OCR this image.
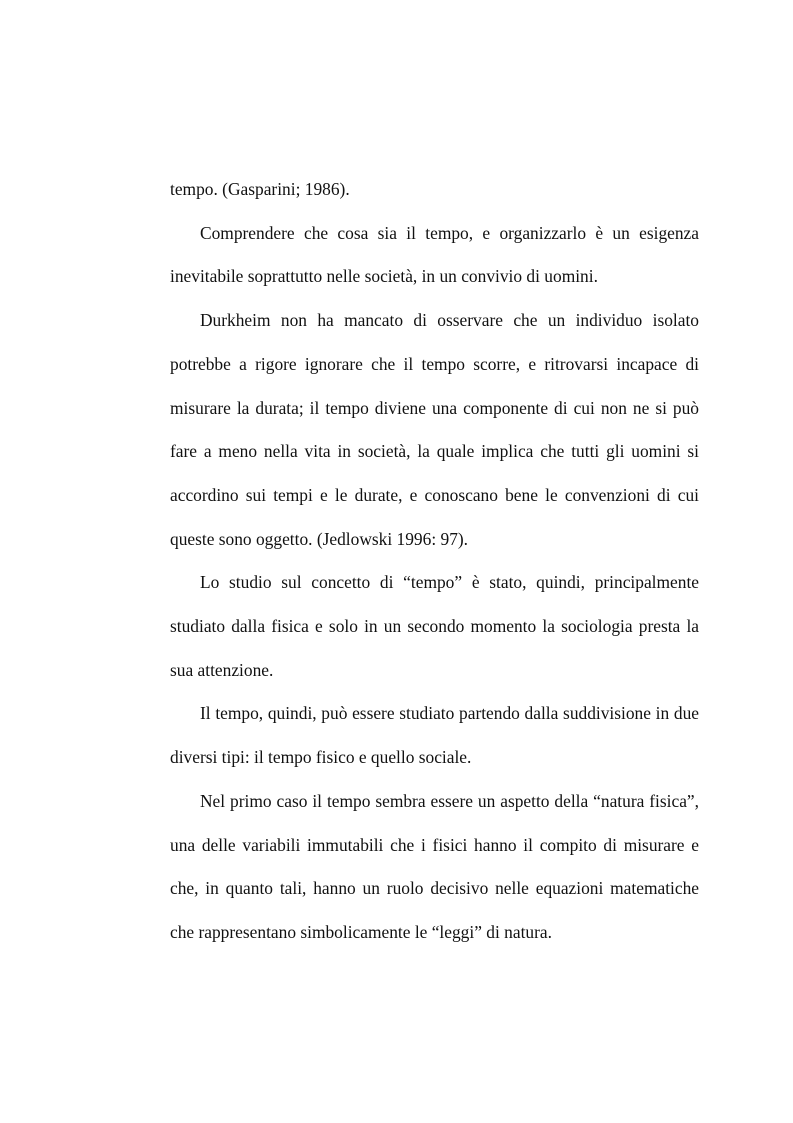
tempo. (Gasparini; 1986).

Comprendere che cosa sia il tempo, e organizzarlo è un esigenza inevitabile soprattutto nelle società, in un convivio di uomini.

Durkheim non ha mancato di osservare che un individuo isolato potrebbe a rigore ignorare che il tempo scorre, e ritrovarsi incapace di misurare la durata; il tempo diviene una componente di cui non ne si può fare a meno nella vita in società, la quale implica che tutti gli uomini si accordino sui tempi e le durate, e conoscano bene le convenzioni di cui queste sono oggetto. (Jedlowski 1996: 97).

Lo studio sul concetto di “tempo” è stato, quindi, principalmente studiato dalla fisica e solo in un secondo momento la sociologia presta la sua attenzione.

Il tempo, quindi, può essere studiato partendo dalla suddivisione in due diversi tipi: il tempo fisico e quello sociale.

Nel primo caso il tempo sembra essere un aspetto della “natura fisica”, una delle variabili immutabili che i fisici hanno il compito di misurare e che, in quanto tali, hanno un ruolo decisivo nelle equazioni matematiche che rappresentano simbolicamente le “leggi” di natura.
